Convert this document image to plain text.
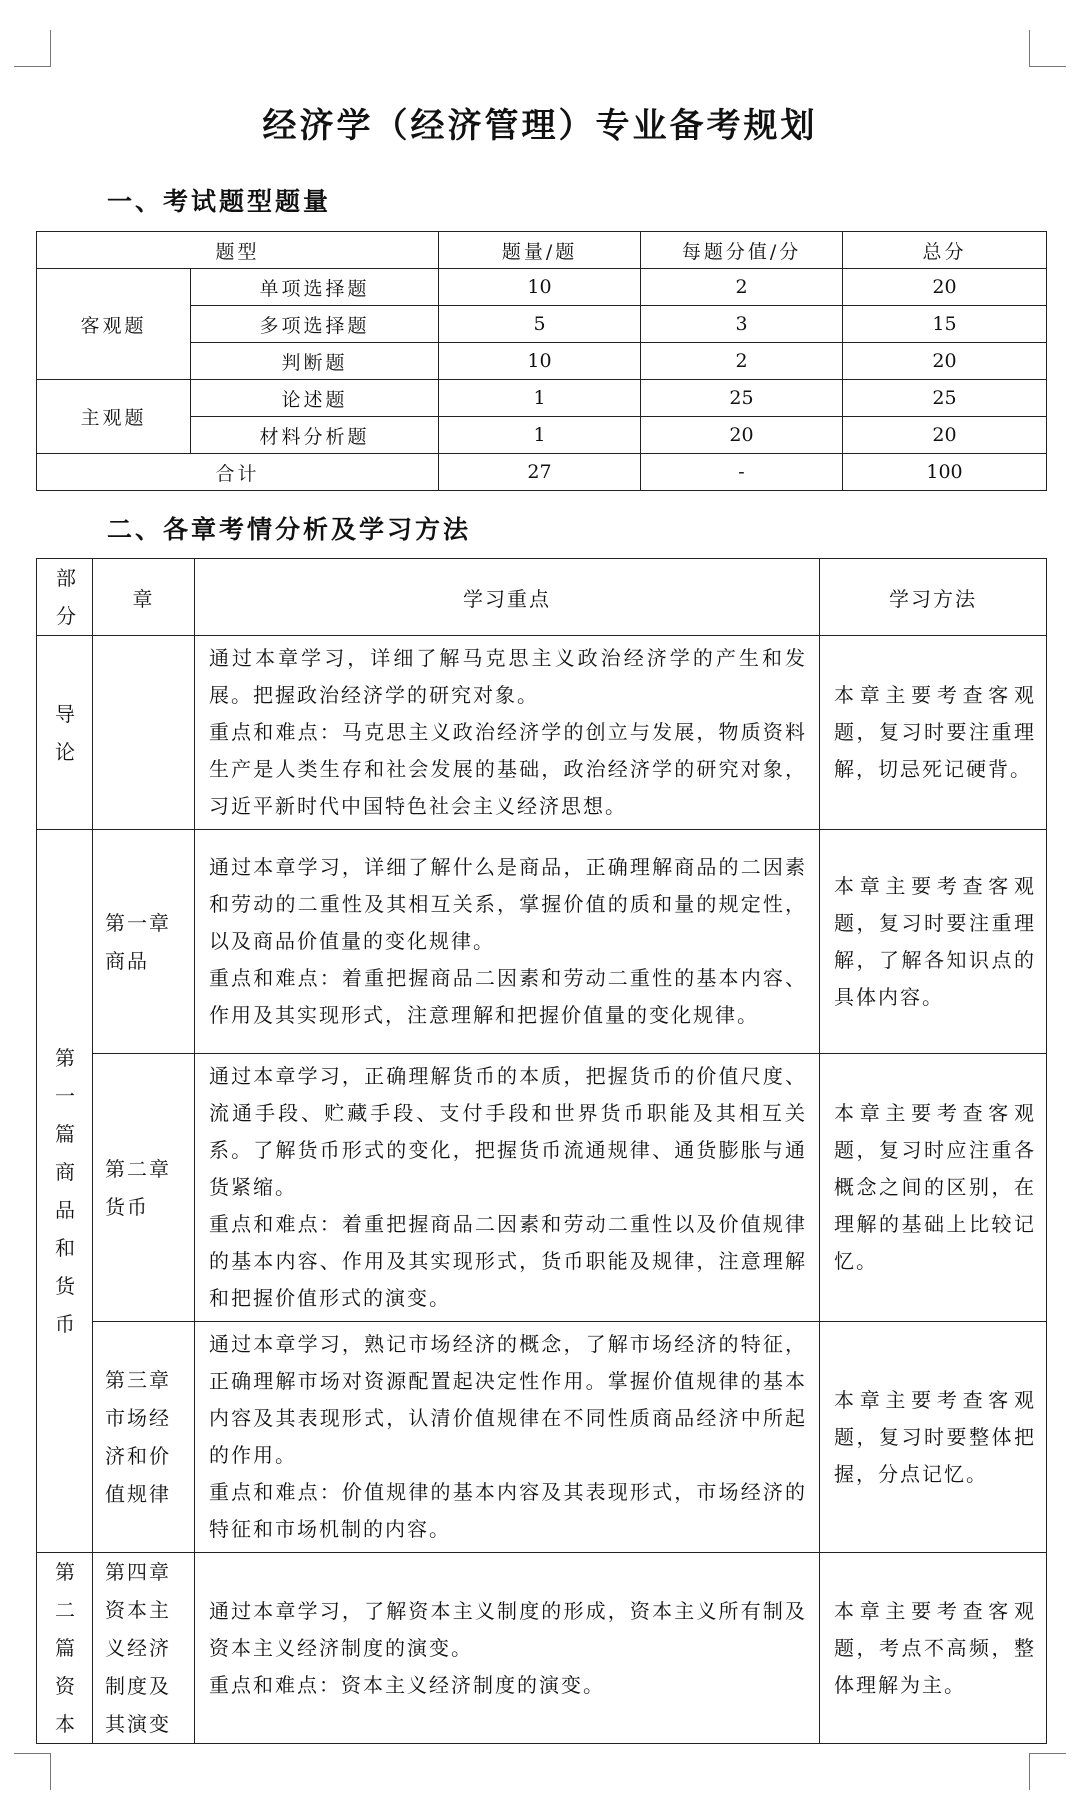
经济学（经济管理）专业备考规划
一、考试题型题量
题型		题量/题	每题分值/分	总分
客观题	单项选择题	10	2	20
	多项选择题	5	3	15
	判断题	10	2	20
主观题	论述题	1	25	25
	材料分析题	1	20	20
合计		27	-	100
二、各章考情分析及学习方法
部分	章	学习重点	学习方法
导论		通过本章学习，详细了解马克思主义政治经济学的产生和发展。把握政治经济学的研究对象。

重点和难点：马克思主义政治经济学的创立与发展，物质资料生产是人类生存和社会发展的基础，政治经济学的研究对象，习近平新时代中国特色社会主义经济思想。	本章主要考查客观题，复习时要注重理解，切忌死记硬背。
第一篇商品和货币	第一章商品	通过本章学习，详细了解什么是商品，正确理解商品的二因素和劳动的二重性及其相互关系，掌握价值的质和量的规定性，以及商品价值量的变化规律。

重点和难点：着重把握商品二因素和劳动二重性的基本内容、作用及其实现形式，注意理解和把握价值量的变化规律。	本章主要考查客观题，复习时要注重理解，了解各知识点的具体内容。
	第二章货币	通过本章学习，正确理解货币的本质，把握货币的价值尺度、流通手段、贮藏手段、支付手段和世界货币职能及其相互关系。了解货币形式的变化，把握货币流通规律、通货膨胀与通货紧缩。

重点和难点：着重把握商品二因素和劳动二重性以及价值规律的基本内容、作用及其实现形式，货币职能及规律，注意理解和把握价值形式的演变。	本章主要考查客观题，复习时应注重各概念之间的区别，在理解的基础上比较记忆。
	第三章市场经济和价值规律	通过本章学习，熟记市场经济的概念，了解市场经济的特征，正确理解市场对资源配置起决定性作用。掌握价值规律的基本内容及其表现形式，认清价值规律在不同性质商品经济中所起的作用。

重点和难点：价值规律的基本内容及其表现形式，市场经济的特征和市场机制的内容。	本章主要考查客观题，复习时要整体把握，分点记忆。
第二篇资本	第四章资本主义经济制度及其演变	通过本章学习，了解资本主义制度的形成，资本主义所有制及资本主义经济制度的演变。

重点和难点：资本主义经济制度的演变。	本章主要考查客观题，考点不高频，整体理解为主。
